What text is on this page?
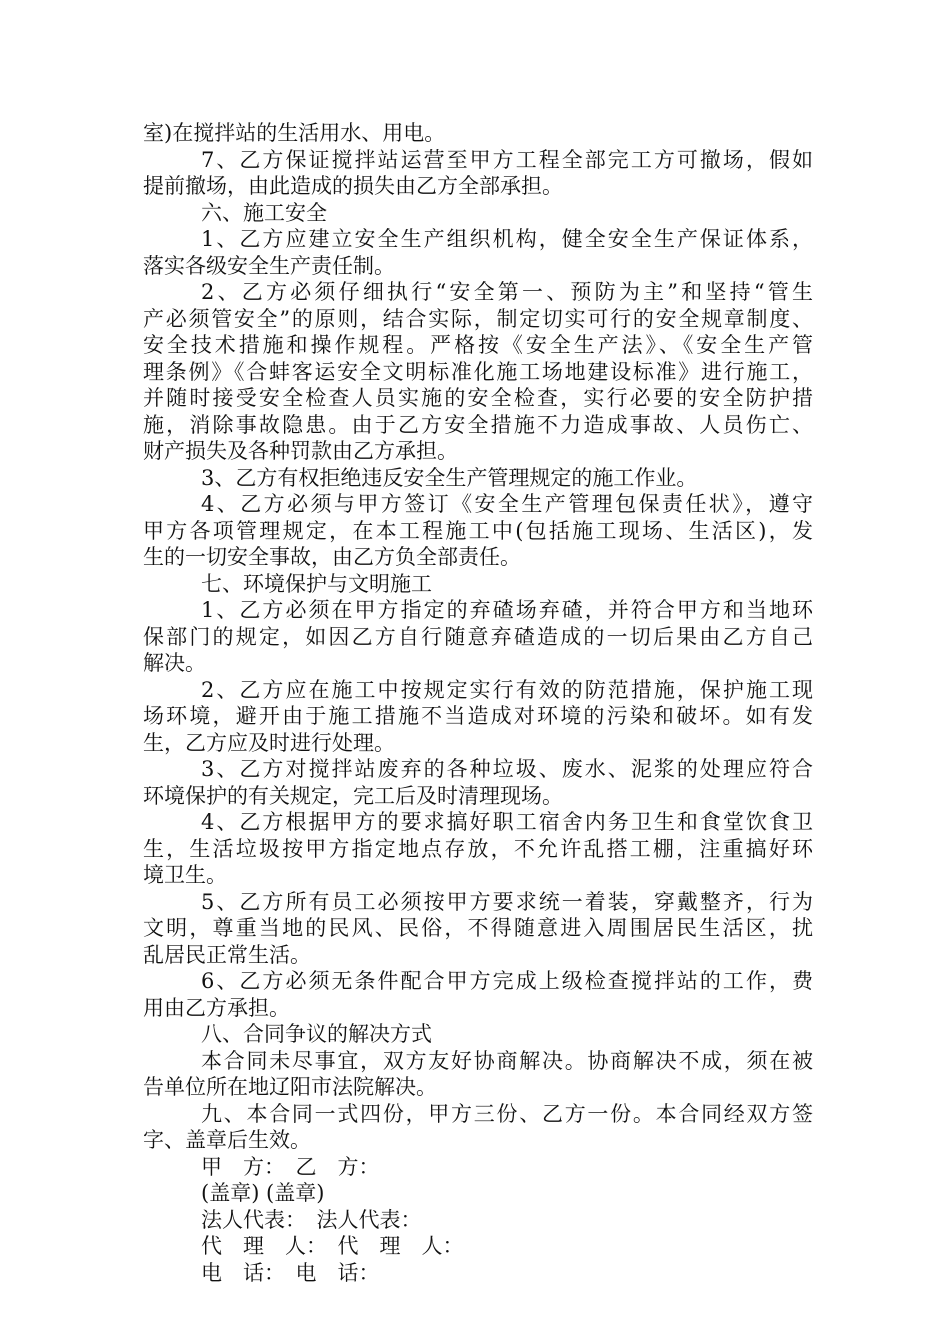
室)在搅拌站的生活用水、用电。
7、乙方保证搅拌站运营至甲方工程全部完工方可撤场，假如
提前撤场，由此造成的损失由乙方全部承担。
六、施工安全
1、乙方应建立安全生产组织机构，健全安全生产保证体系，
落实各级安全生产责任制。
2、乙方必须仔细执行“安全第一、预防为主”和坚持“管生
产必须管安全”的原则，结合实际，制定切实可行的安全规章制度、
安全技术措施和操作规程。严格按《安全生产法》、《安全生产管
理条例》《合蚌客运安全文明标准化施工场地建设标准》进行施工，
并随时接受安全检查人员实施的安全检查，实行必要的安全防护措
施，消除事故隐患。由于乙方安全措施不力造成事故、人员伤亡、
财产损失及各种罚款由乙方承担。
3、乙方有权拒绝违反安全生产管理规定的施工作业。
4、乙方必须与甲方签订《安全生产管理包保责任状》，遵守
甲方各项管理规定，在本工程施工中(包括施工现场、生活区)，发
生的一切安全事故，由乙方负全部责任。
七、环境保护与文明施工
1、乙方必须在甲方指定的弃碴场弃碴，并符合甲方和当地环
保部门的规定，如因乙方自行随意弃碴造成的一切后果由乙方自己
解决。
2、乙方应在施工中按规定实行有效的防范措施，保护施工现
场环境，避开由于施工措施不当造成对环境的污染和破坏。如有发
生，乙方应及时进行处理。
3、乙方对搅拌站废弃的各种垃圾、废水、泥浆的处理应符合
环境保护的有关规定，完工后及时清理现场。
4、乙方根据甲方的要求搞好职工宿舍内务卫生和食堂饮食卫
生，生活垃圾按甲方指定地点存放，不允许乱搭工棚，注重搞好环
境卫生。
5、乙方所有员工必须按甲方要求统一着装，穿戴整齐，行为
文明，尊重当地的民风、民俗，不得随意进入周围居民生活区，扰
乱居民正常生活。
6、乙方必须无条件配合甲方完成上级检查搅拌站的工作，费
用由乙方承担。
八、合同争议的解决方式
本合同未尽事宜，双方友好协商解决。协商解决不成，须在被
告单位所在地辽阳市法院解决。
九、本合同一式四份，甲方三份、乙方一份。本合同经双方签
字、盖章后生效。
甲　方：　乙　方：
(盖章) (盖章)
法人代表：　法人代表：
代　理　人：　代　理　人：
电　话：　电　话：
